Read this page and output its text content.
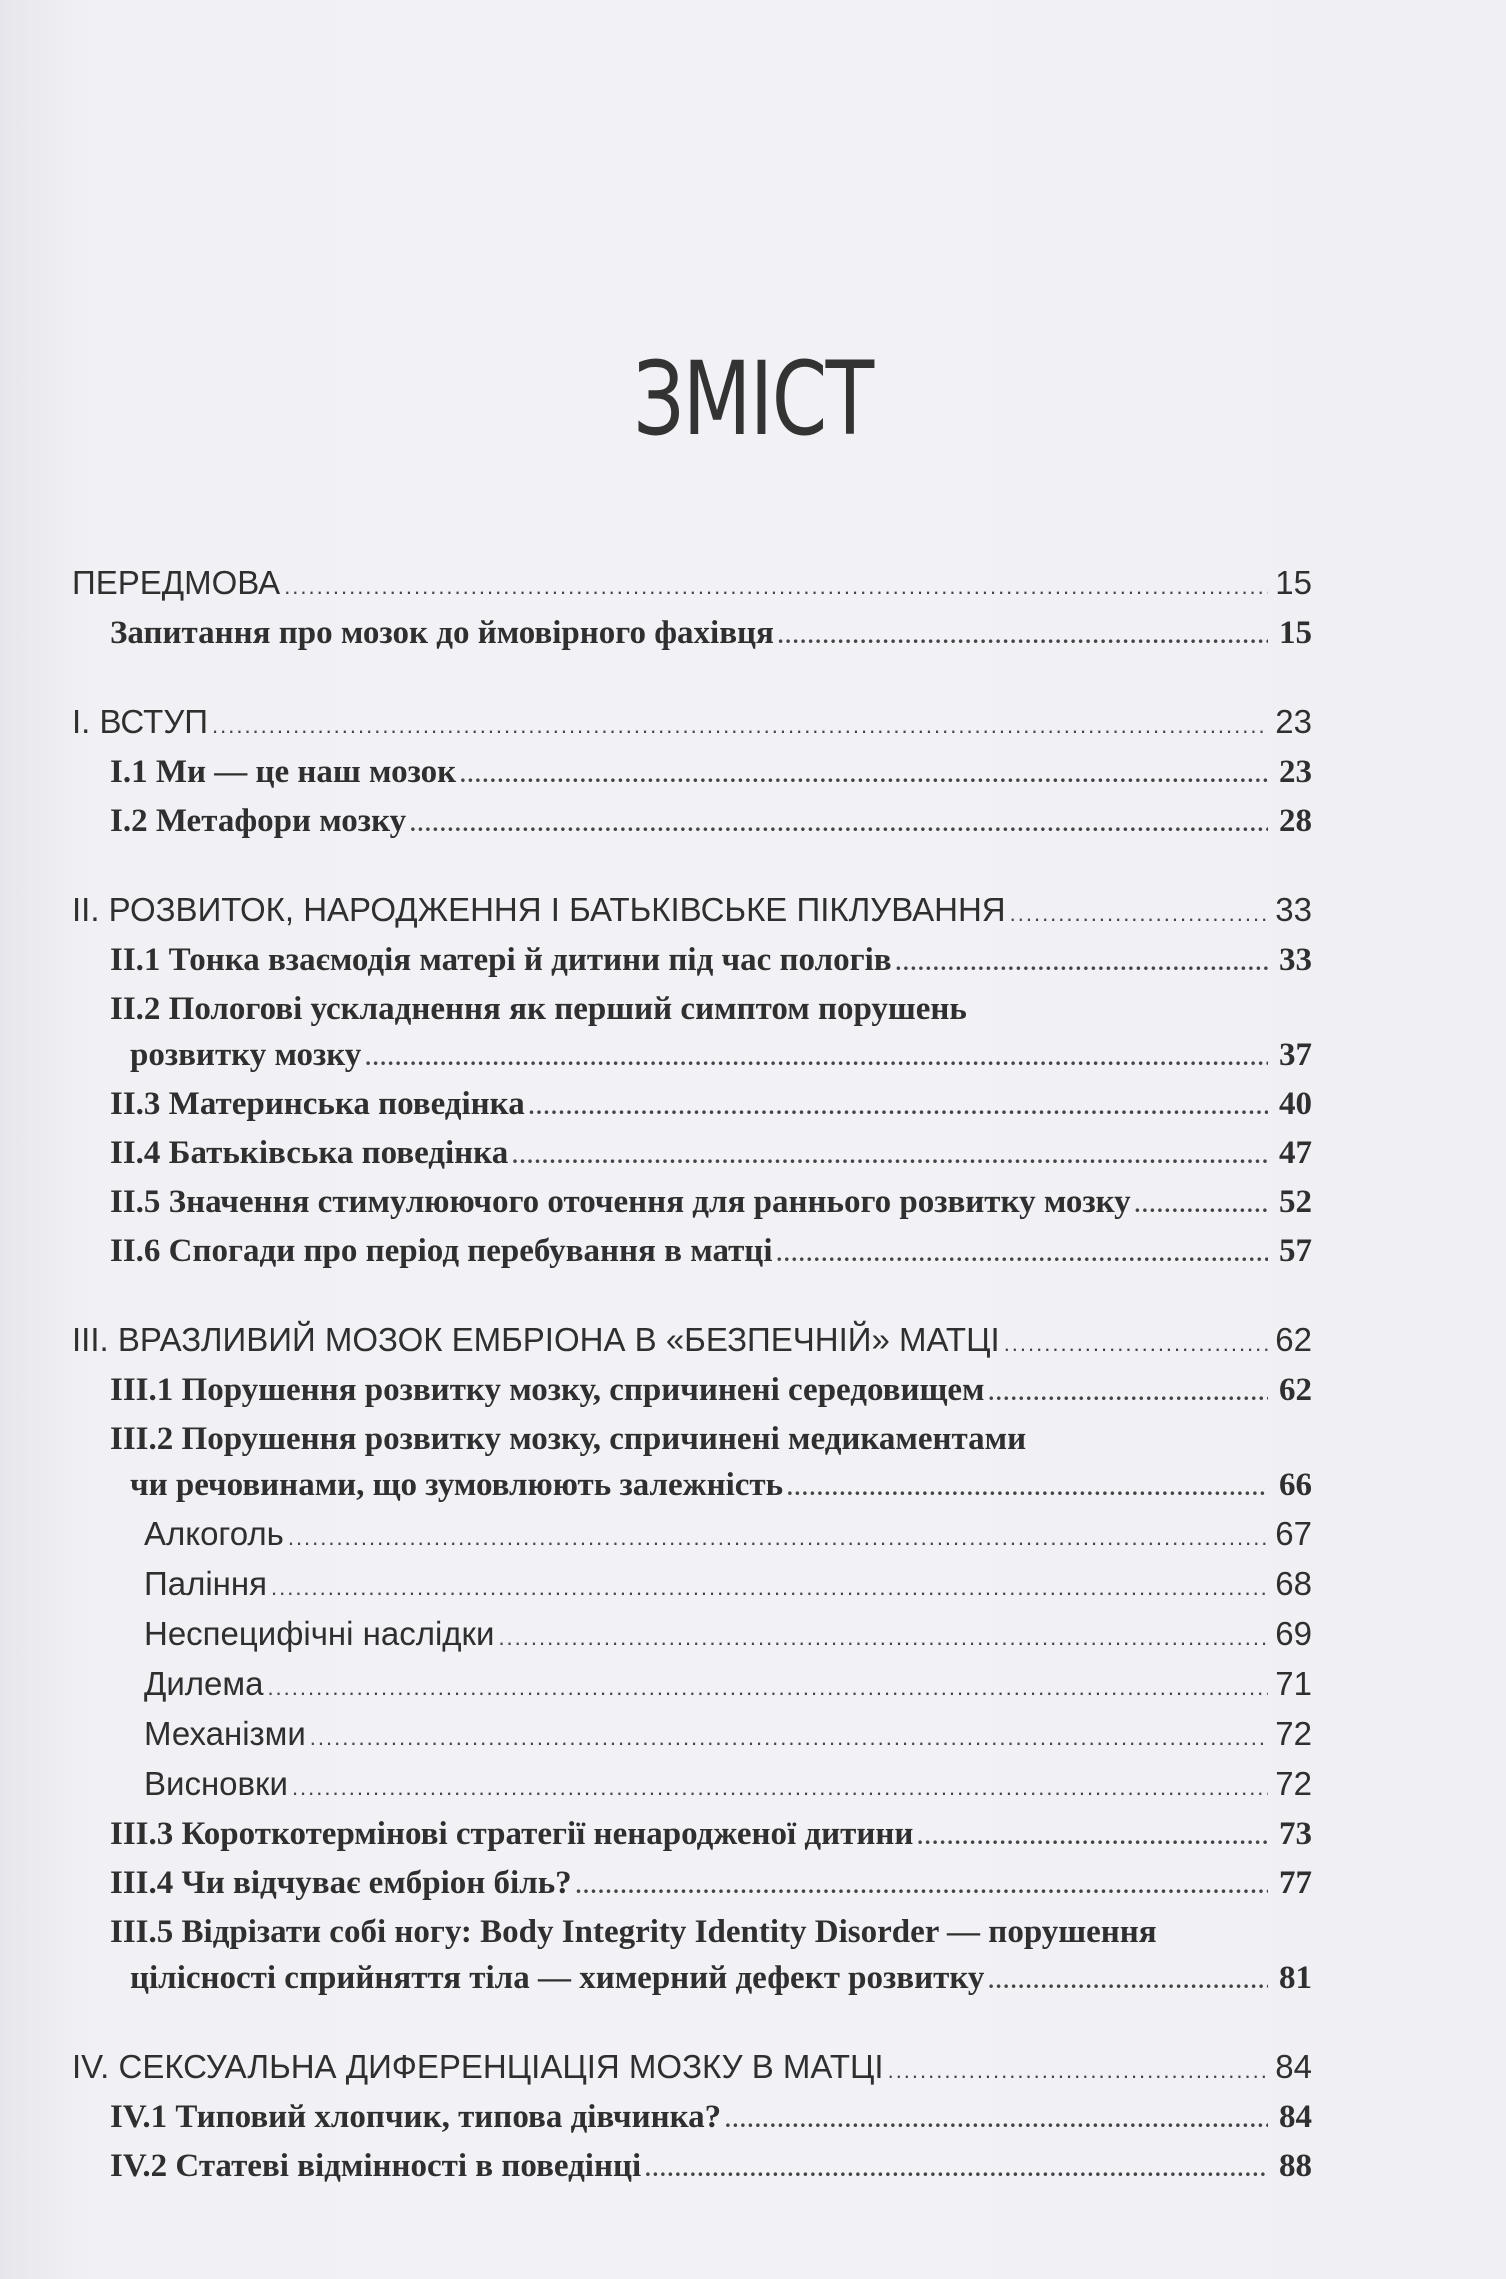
ЗМІСТ
ПЕРЕДМОВА .....	15
Запитання про мозок до ймовірного фахівця .....	15
I. ВСТУП .....	23
I.1 Ми — це наш мозок .....	23
I.2 Метафори мозку .....	28
II. РОЗВИТОК, НАРОДЖЕННЯ І БАТЬКІВСЬКЕ ПІКЛУВАННЯ .....	33
II.1 Тонка взаємодія матері й дитини під час пологів .....	33
II.2 Пологові ускладнення як перший симптом порушень
розвитку мозку .....	37
II.3 Материнська поведінка .....	40
II.4 Батьківська поведінка .....	47
II.5 Значення стимулюючого оточення для раннього розвитку мозку .....	52
II.6 Спогади про період перебування в матці .....	57
III. ВРАЗЛИВИЙ МОЗОК ЕМБРІОНА В «БЕЗПЕЧНІЙ» МАТЦІ .....	62
III.1 Порушення розвитку мозку, спричинені середовищем .....	62
III.2 Порушення розвитку мозку, спричинені медикаментами
чи речовинами, що зумовлюють залежність .....	66
Алкоголь .....	67
Паління .....	68
Неспецифічні наслідки .....	69
Дилема .....	71
Механізми .....	72
Висновки .....	72
III.3 Короткотермінові стратегії ненародженої дитини .....	73
III.4 Чи відчуває ембріон біль? .....	77
III.5 Відрізати собі ногу: Body Integrity Identity Disorder — порушення
цілісності сприйняття тіла — химерний дефект розвитку .....	81
IV. СЕКСУАЛЬНА ДИФЕРЕНЦІАЦІЯ МОЗКУ В МАТЦІ .....	84
IV.1 Типовий хлопчик, типова дівчинка? .....	84
IV.2 Статеві відмінності в поведінці .....	88
